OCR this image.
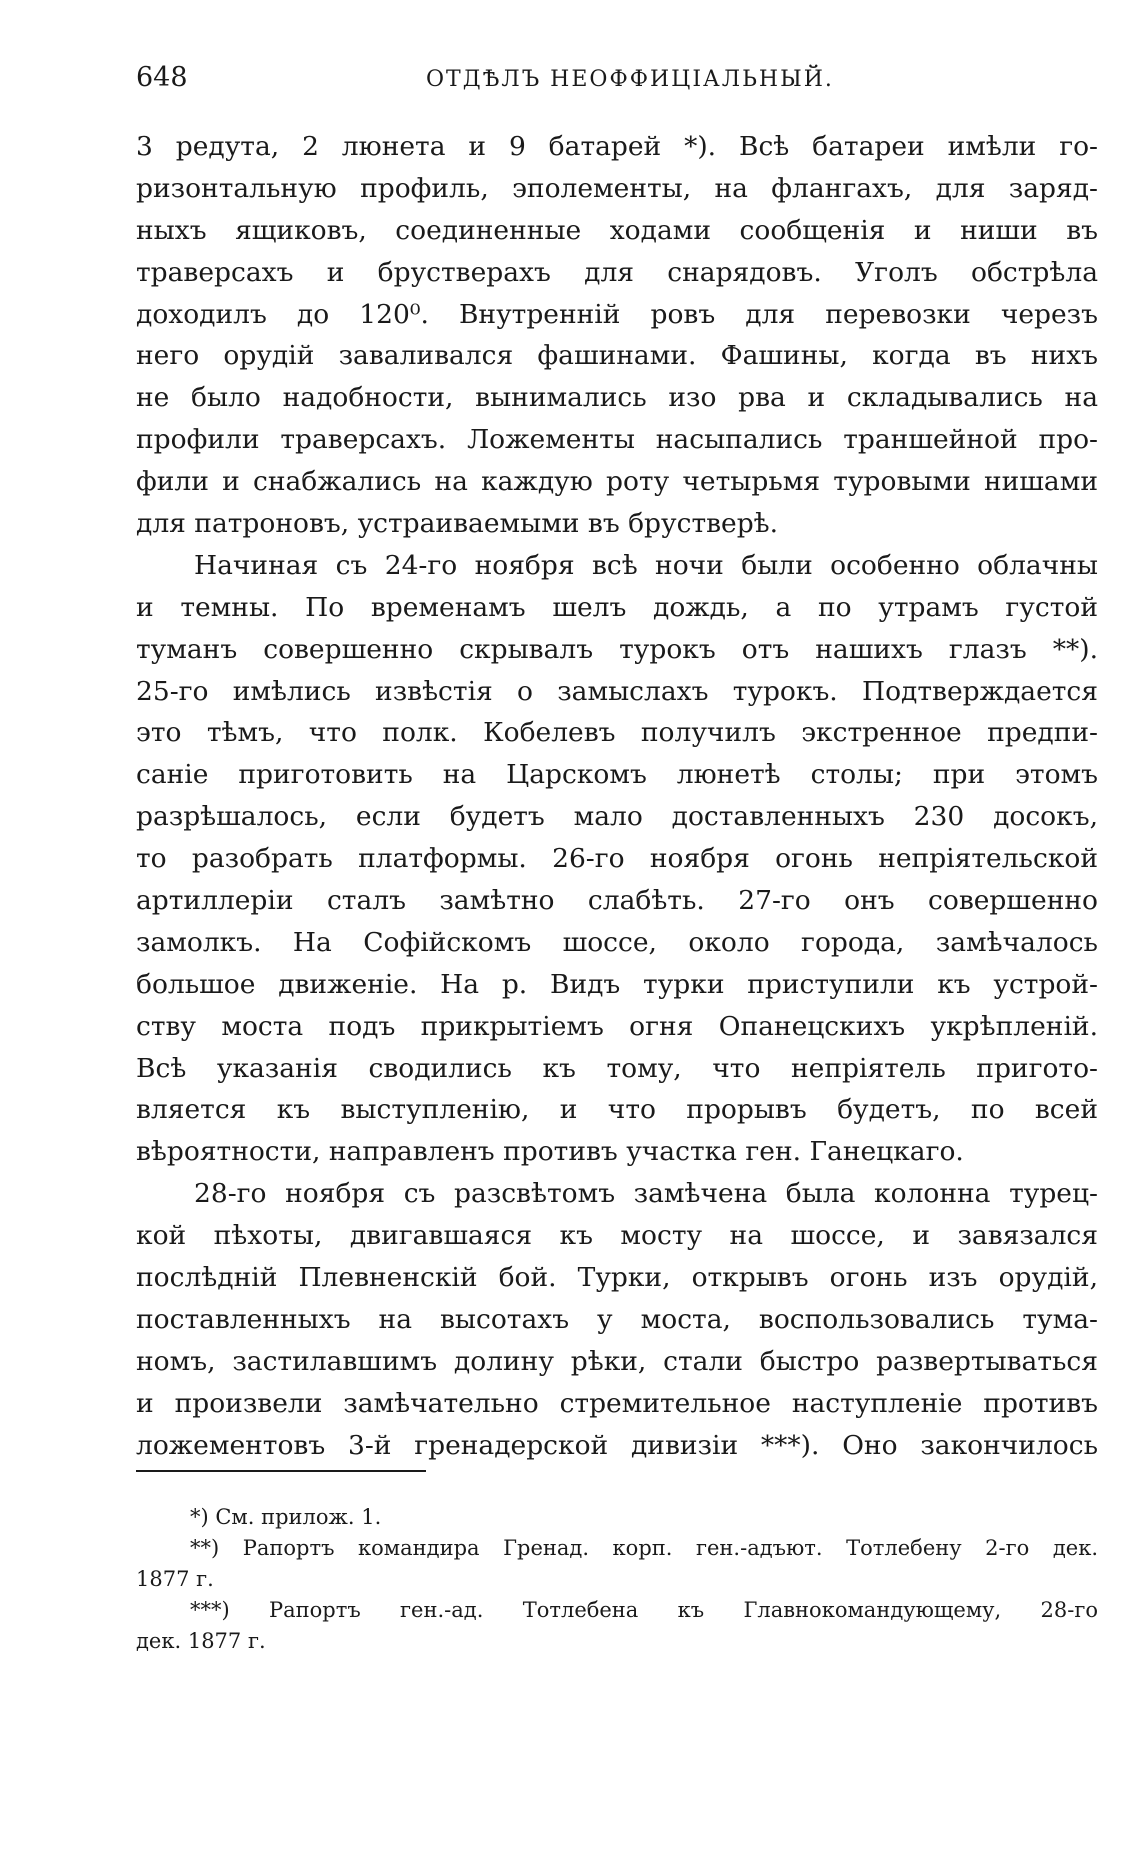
648	ОТДѢЛЪ НЕОФФИЦІАЛЬНЫЙ.
3 редута, 2 люнета и 9 батарей *). Всѣ батареи имѣли го-
ризонтальную профиль, эполементы, на флангахъ, для заряд-
ныхъ ящиковъ, соединенные ходами сообщенія и ниши въ
траверсахъ и брустверахъ для снарядовъ. Уголъ обстрѣла
доходилъ до 120⁰. Внутренній ровъ для перевозки черезъ
него орудій заваливался фашинами. Фашины, когда въ нихъ
не было надобности, вынимались изо рва и складывались на
профили траверсахъ. Ложементы насыпались траншейной про-
фили и снабжались на каждую роту четырьмя туровыми нишами
для патроновъ, устраиваемыми въ брустверѣ.
Начиная съ 24-го ноября всѣ ночи были особенно облачны
и темны. По временамъ шелъ дождь, а по утрамъ густой
туманъ совершенно скрывалъ турокъ отъ нашихъ глазъ **).
25-го имѣлись извѣстія о замыслахъ турокъ. Подтверждается
это тѣмъ, что полк. Кобелевъ получилъ экстренное предпи-
саніе приготовить на Царскомъ люнетѣ столы; при этомъ
разрѣшалось, если будетъ мало доставленныхъ 230 досокъ,
то разобрать платформы. 26-го ноября огонь непріятельской
артиллеріи сталъ замѣтно слабѣть. 27-го онъ совершенно
замолкъ. На Софійскомъ шоссе, около города, замѣчалось
большое движеніе. На р. Видъ турки приступили къ устрой-
ству моста подъ прикрытіемъ огня Опанецскихъ укрѣпленій.
Всѣ указанія сводились къ тому, что непріятель пригото-
вляется къ выступленію, и что прорывъ будетъ, по всей
вѣроятности, направленъ противъ участка ген. Ганецкаго.
28-го ноября съ разсвѣтомъ замѣчена была колонна турец-
кой пѣхоты, двигавшаяся къ мосту на шоссе, и завязался
послѣдній Плевненскій бой. Турки, открывъ огонь изъ орудій,
поставленныхъ на высотахъ у моста, воспользовались тума-
номъ, застилавшимъ долину рѣки, стали быстро развертываться
и произвели замѣчательно стремительное наступленіе противъ
ложементовъ 3-й гренадерской дивизіи ***). Оно закончилось
*) См. прилож. 1.
**) Рапортъ командира Гренад. корп. ген.-адъют. Тотлебену 2-го дек.
1877 г.
***) Рапортъ ген.-ад. Тотлебена къ Главнокомандующему, 28-го
дек. 1877 г.
